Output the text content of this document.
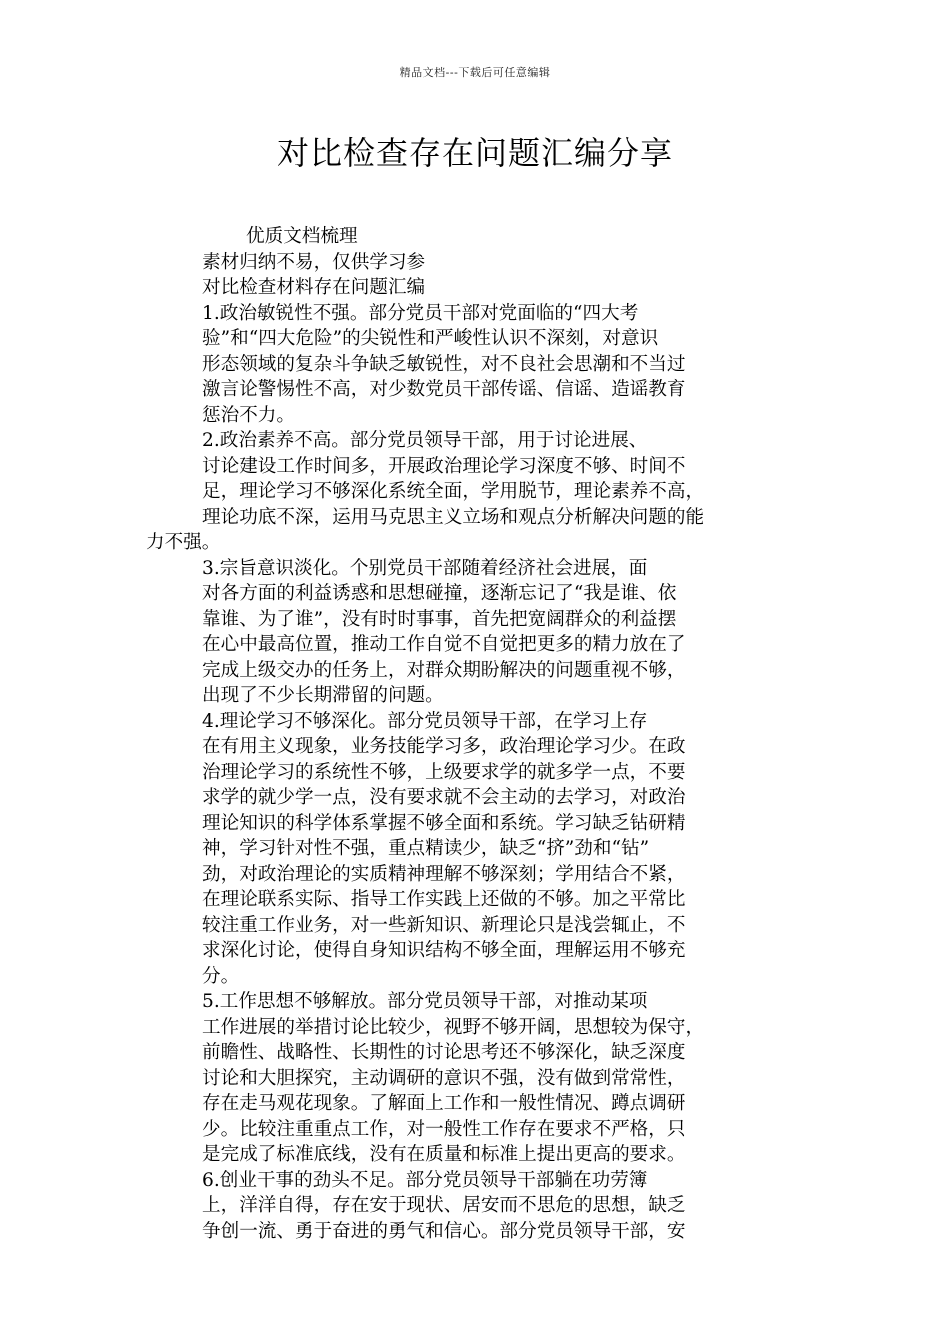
精品文档---下载后可任意编辑
对比检查存在问题汇编分享
优质文档梳理
素材归纳不易，仅供学习参
对比检查材料存在问题汇编
1.政治敏锐性不强。部分党员干部对党面临的“四大考
验”和“四大危险”的尖锐性和严峻性认识不深刻，对意识
形态领域的复杂斗争缺乏敏锐性，对不良社会思潮和不当过
激言论警惕性不高，对少数党员干部传谣、信谣、造谣教育
惩治不力。
2.政治素养不高。部分党员领导干部，用于讨论进展、
讨论建设工作时间多，开展政治理论学习深度不够、时间不
足，理论学习不够深化系统全面，学用脱节，理论素养不高，
理论功底不深，运用马克思主义立场和观点分析解决问题的能
力不强。
3.宗旨意识淡化。个别党员干部随着经济社会进展，面
对各方面的利益诱惑和思想碰撞，逐渐忘记了“我是谁、依
靠谁、为了谁”，没有时时事事，首先把宽阔群众的利益摆
在心中最高位置，推动工作自觉不自觉把更多的精力放在了
完成上级交办的任务上，对群众期盼解决的问题重视不够，
出现了不少长期滞留的问题。
4.理论学习不够深化。部分党员领导干部，在学习上存
在有用主义现象，业务技能学习多，政治理论学习少。在政
治理论学习的系统性不够，上级要求学的就多学一点，不要
求学的就少学一点，没有要求就不会主动的去学习，对政治
理论知识的科学体系掌握不够全面和系统。学习缺乏钻研精
神，学习针对性不强，重点精读少，缺乏“挤”劲和“钻”
劲，对政治理论的实质精神理解不够深刻；学用结合不紧，
在理论联系实际、指导工作实践上还做的不够。加之平常比
较注重工作业务，对一些新知识、新理论只是浅尝辄止，不
求深化讨论，使得自身知识结构不够全面，理解运用不够充
分。
5.工作思想不够解放。部分党员领导干部，对推动某项
工作进展的举措讨论比较少，视野不够开阔，思想较为保守，
前瞻性、战略性、长期性的讨论思考还不够深化，缺乏深度
讨论和大胆探究，主动调研的意识不强，没有做到常常性，
存在走马观花现象。了解面上工作和一般性情况、蹲点调研
少。比较注重重点工作，对一般性工作存在要求不严格，只
是完成了标准底线，没有在质量和标准上提出更高的要求。
6.创业干事的劲头不足。部分党员领导干部躺在功劳簿
上，洋洋自得，存在安于现状、居安而不思危的思想，缺乏
争创一流、勇于奋进的勇气和信心。部分党员领导干部，安
